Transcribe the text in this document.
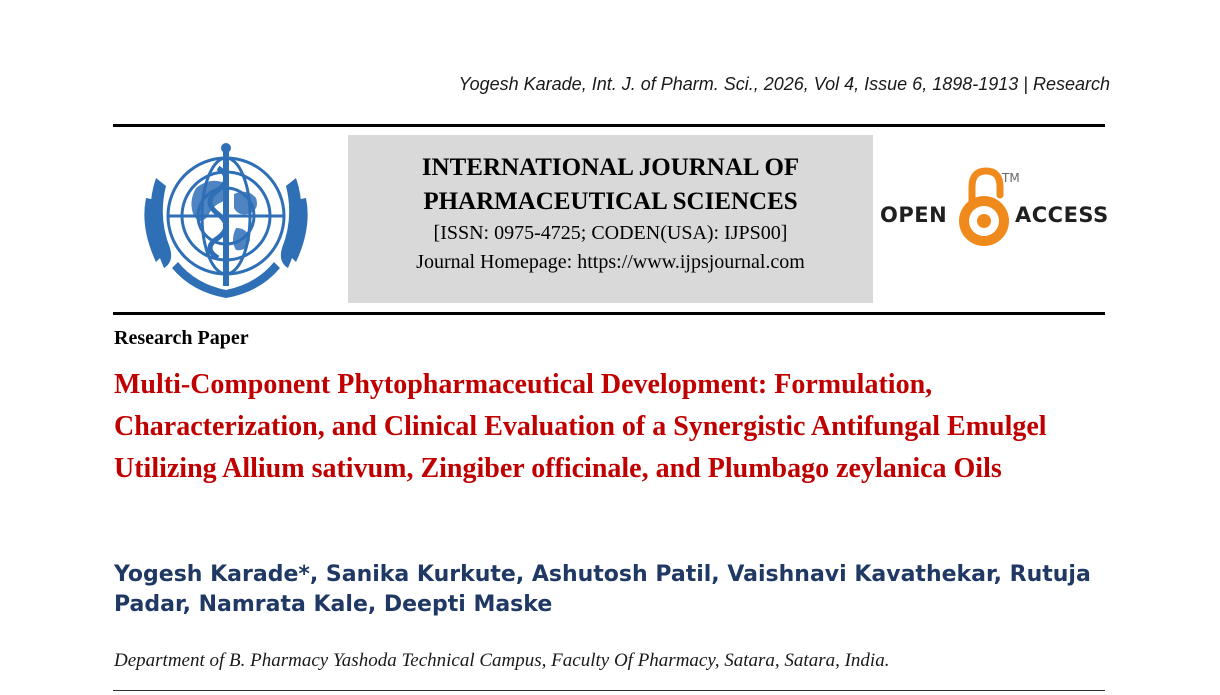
Yogesh Karade, Int. J. of Pharm. Sci., 2026, Vol 4, Issue 6, 1898-1913 | Research
INTERNATIONAL JOURNAL OF
PHARMACEUTICAL SCIENCES
[ISSN: 0975-4725; CODEN(USA): IJPS00]
Journal Homepage: https://www.ijpsjournal.com
OPEN
TM
ACCESS
Research Paper
Multi-Component Phytopharmaceutical Development: Formulation, Characterization, and Clinical Evaluation of a Synergistic Antifungal Emulgel Utilizing Allium sativum, Zingiber officinale, and Plumbago zeylanica Oils
Yogesh Karade*, Sanika Kurkute, Ashutosh Patil, Vaishnavi Kavathekar, Rutuja Padar, Namrata Kale, Deepti Maske
Department of B. Pharmacy Yashoda Technical Campus, Faculty Of Pharmacy, Satara, Satara, India.
